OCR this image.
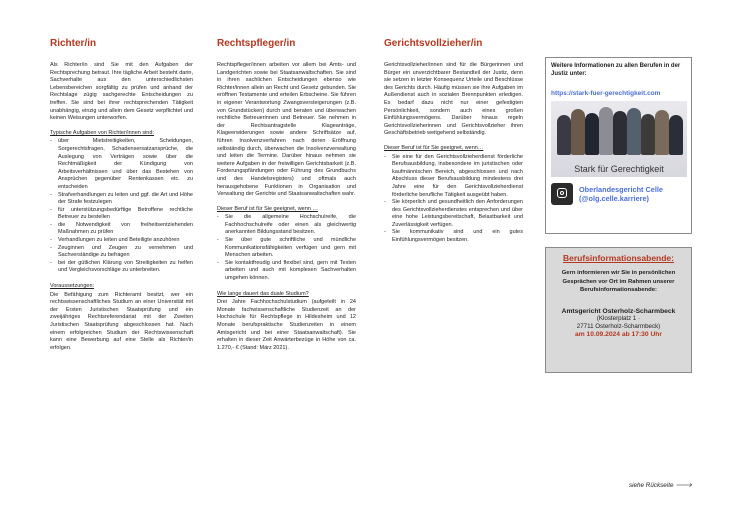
Richter/in
Als Richter/in sind Sie mit den Aufgaben der Rechtsprechung betraut. Ihre tägliche Arbeit besteht darin, Sachverhalte aus den unterschiedlichsten Lebensbereichen sorgfältig zu prüfen und anhand der Rechtslage zügig sachgerechte Entscheidungen zu treffen. Sie sind bei ihrer rechtsprechenden Tätigkeit unabhängig, einzig und allein dem Gesetz verpflichtet und keinen Weisungen unterworfen.
Typische Aufgaben von Richter/innen sind:
- über Mietstreitigkeiten, Scheidungen, Sorgerechtsfragen, Schadensersatzansprüche, die Auslegung von Verträgen sowie über die Rechtmäßigkeit der Kündigung von Arbeitsverhältnissen und über das Bestehen von Ansprüchen gegenüber Rentenkassen etc. zu entscheiden
- Strafverhandlungen zu leiten und ggf. die Art und Höhe der Strafe festzulegen
- für unterstützungsbedürftige Betroffene rechtliche Betreuer zu bestellen
- die Notwendigkeit von freiheitsentziehenden Maßnahmen zu prüfen
- Verhandlungen zu leiten und Beteiligte anzuhören
- Zeuginnen und Zeugen zu vernehmen und Sachverständige zu befragen
- bei der gütlichen Klärung von Streitigkeiten zu helfen und Vergleichsvorschläge zu unterbreiten.
Voraussetzungen:
Die Befähigung zum Richteramt besitzt, wer ein rechtswissenschaftliches Studium an einer Universität mit der Ersten Juristischen Staatsprüfung und ein zweijähriges Rechtsreferendariat mit der Zweiten Juristischen Staatsprüfung abgeschlossen hat. Nach einem erfolgreichen Studium der Rechtswissenschaft kann eine Bewerbung auf eine Stelle als Richter/in erfolgen.
Rechtspfleger/in
Rechtspfleger/innen arbeiten vor allem bei Amts- und Landgerichten sowie bei Staatsanwaltschaften. Sie sind in ihren sachlichen Entscheidungen ebenso wie Richter/innen allein an Recht und Gesetz gebunden. Sie eröffnen Testamente und erteilen Erbscheine. Sie führen in eigener Verantwortung Zwangsversteigerungen (z.B. von Grundstücken) durch und beraten und überwachen rechtliche Betreuerinnen und Betreuer. Sie nehmen in der Rechtsantragstelle Klageanträge, Klageerwiderungen sowie andere Schriftsätze auf, führen Insolvenzverfahren nach deren Eröffnung selbständig durch, überwachen die Insolvenzverwaltung und leiten die Termine. Darüber hinaus nehmen sie weitere Aufgaben in der freiwilligen Gerichtsbarkeit (z.B. Forderungspfändungen oder Führung des Grundbuchs und des Handelsregisters) und oftmals auch herausgehobene Funktionen in Organisation und Verwaltung der Gerichte und Staatsanwaltschaften wahr.
Dieser Beruf ist für Sie geeignet, wenn …
- Sie die allgemeine Hochschulreife, die Fachhochschulreife oder einen als gleichwertig anerkannten Bildungsstand besitzen.
- Sie über gute schriftliche und mündliche Kommunikationsfähigkeiten verfügen und gern mit Menschen arbeiten.
- Sie kontaktfreudig und flexibel sind, gern mit Texten arbeiten und auch mit komplexen Sachverhalten umgehen können.
Wie lange dauert das duale Studium?
Drei Jahre Fachhochschulstudium (aufgeteilt in 24 Monate fachwissenschaftliche Studienzeit an der Hochschule für Rechtspflege in Hildesheim und 12 Monate berufspraktische Studienzeiten in einem Amtsgericht und bei einer Staatsanwaltschaft). Sie erhalten in dieser Zeit Anwärterbezüge in Höhe von ca. 1.270,- € (Stand: März 2021).
Gerichtsvollzieher/in
Gerichtsvollzieher/innen sind für die Bürgerinnen und Bürger ein unverzichtbarer Bestandteil der Justiz, denn sie setzen in letzter Konsequenz Urteile und Beschlüsse des Gerichts durch. Häufig müssen sie ihre Aufgaben im Außendienst auch in sozialen Brennpunkten erledigen. Es bedarf dazu nicht nur einer gefestigten Persönlichkeit, sondern auch eines großen Einfühlungsvermögens. Darüber hinaus regeln Gerichtsvollzieherinnen und Gerichtsvollzieher ihren Geschäftsbetrieb weitgehend selbständig.
Dieser Beruf ist für Sie geeignet, wenn…
- Sie eine für den Gerichtsvollzieherdienst förderliche Berufsausbildung, insbesondere im juristischen oder kaufmännischen Bereich, abgeschlossen und nach Abschluss dieser Berufsausbildung mindestens drei Jahre eine für den Gerichtsvollzieherdienst förderliche berufliche Tätigkeit ausgeübt haben.
- Sie körperlich und gesundheitlich den Anforderungen des Gerichtsvollzieherdienstes entsprechen und über eine hohe Leistungsbereitschaft, Belastbarkeit und Zuverlässigkeit verfügen.
- Sie kommunikativ sind und ein gutes Einfühlungsvermögen besitzen.
Weitere Informationen zu allen Berufen in der Justiz unter:
https://stark-fuer-gerechtigkeit.com
Stark für Gerechtigkeit
Oberlandesgericht Celle (@olg.celle.karriere)
Berufsinformationsabende:
Gern informieren wir Sie in persönlichen Gesprächen vor Ort im Rahmen unserer Berufsinformationsabende:
Amtsgericht Osterholz-Scharmbeck
(Klosterplatz 1 ·
27711 Osterholz-Scharmbeck)
am 10.09.2024 ab 17:30 Uhr
siehe Rückseite 🡒
